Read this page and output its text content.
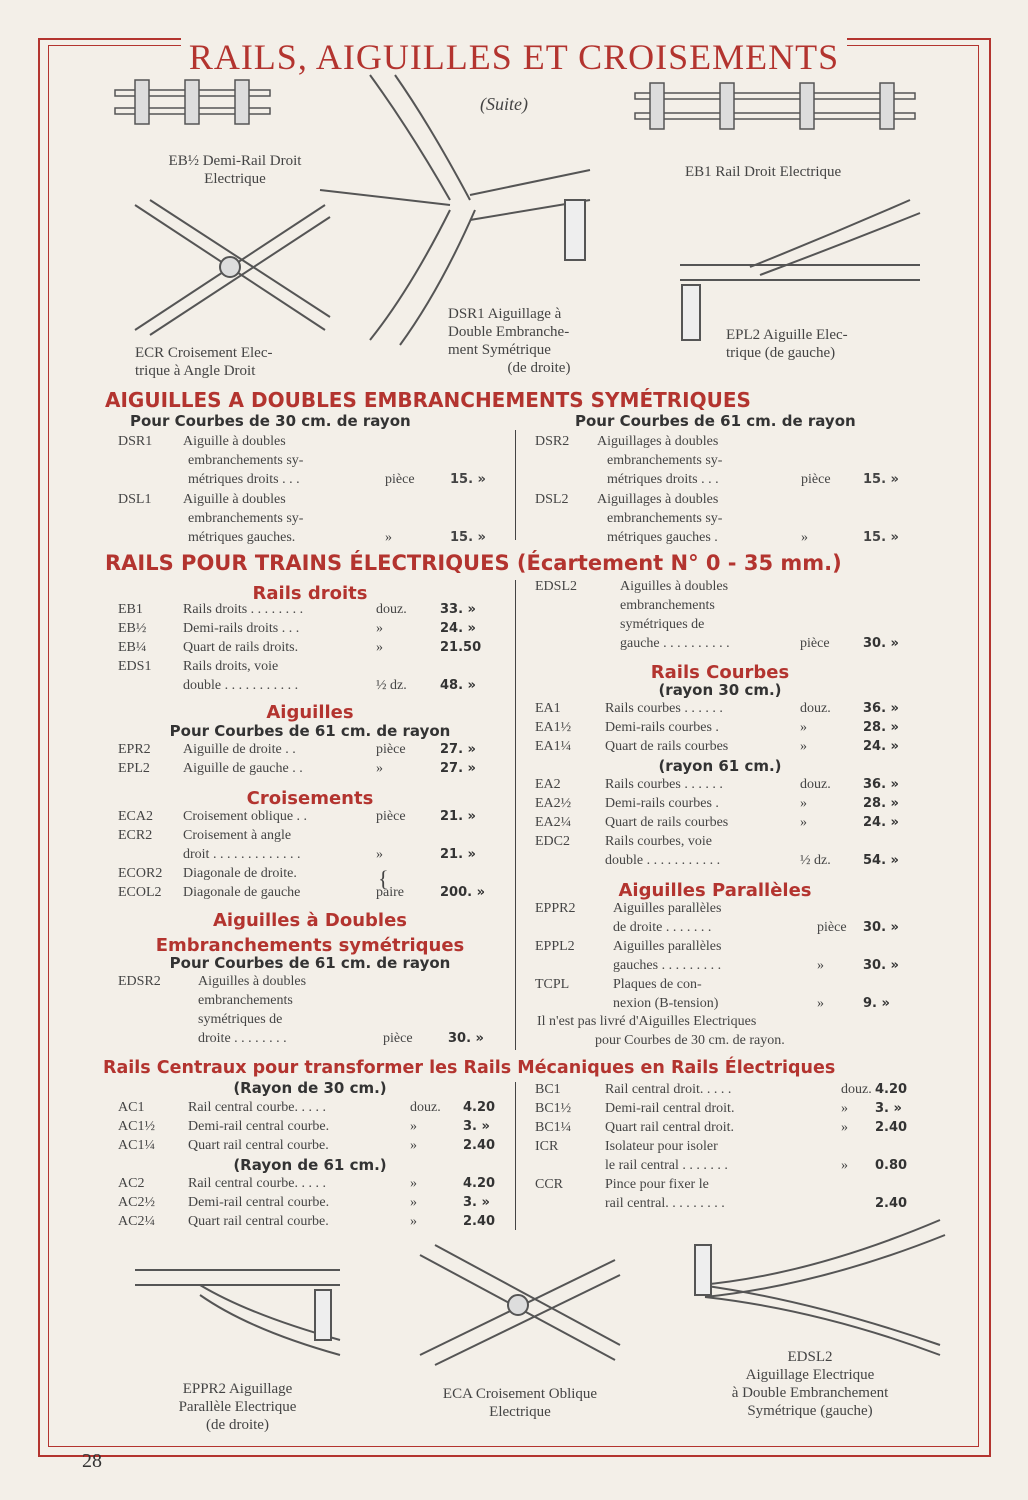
RAILS, AIGUILLES ET CROISEMENTS
(Suite)
EB½ Demi-Rail Droit
Electrique	EB1 Rail Droit Electrique
DSR1 Aiguillage à
Double Embranche-
ment Symétrique
(de droite)
ECR Croisement Elec-
trique à Angle Droit
EPL2 Aiguille Elec-
trique (de gauche)
AIGUILLES A DOUBLES EMBRANCHEMENTS SYMÉTRIQUES
Pour Courbes de 30 cm. de rayon	Pour Courbes de 61 cm. de rayon
DSR1 Aiguille à doubles
embranchements sy-
métriques droits . . .	pièce	15. »
DSL1 Aiguille à doubles
embranchements sy-
métriques gauches.	»	15. »
DSR2 Aiguillages à doubles
embranchements sy-
métriques droits . . .	pièce 15. »
DSL2 Aiguillages à doubles
embranchements sy-
métriques gauches .	»	15. »
RAILS POUR TRAINS ÉLECTRIQUES (Écartement N° 0 - 35 mm.)
Rails droits
EB1	Rails droits . . . . . . . .	douz.	33. »
EB½	Demi-rails droits . . .	»	24. »
EB¼	Quart de rails droits.	»	21.50
EDS1 Rails droits, voie
double . . . . . . . . . . .	½ dz.	48. »
Aiguilles
Pour Courbes de 61 cm. de rayon
EPR2 Aiguille de droite . .	pièce	27. »
EPL2 Aiguille de gauche . .	»	27. »
Croisements
ECA2 Croisement oblique . .	pièce	21. »
ECR2 Croisement à angle
droit . . . . . . . . . . . . .	»	21. »
ECOR2 Diagonale de droite.
ECOL2 Diagonale de gauche	paire	200. »
{
Aiguilles à Doubles
Embranchements symétriques
Pour Courbes de 61 cm. de rayon
EDSR2	Aiguilles à doubles
embranchements
symétriques de
droite . . . . . . . .	pièce	30. »
EDSL2	Aiguilles à doubles
embranchements
symétriques de
gauche . . . . . . . . . .	pièce	30. »
Rails Courbes
(rayon 30 cm.)
EA1	Rails courbes . . . . . .	douz. 36. »
EA1½ Demi-rails courbes .	»	28. »
EA1¼ Quart de rails courbes	»	24. »
(rayon 61 cm.)
EA2	Rails courbes . . . . . .	douz. 36. »
EA2½ Demi-rails courbes .	»	28. »
EA2¼ Quart de rails courbes	»	24. »
EDC2	Rails courbes, voie
double . . . . . . . . . . .	½ dz. 54. »
Aiguilles Parallèles
EPPR2	Aiguilles parallèles
de droite . . . . . . .	pièce 30. »
EPPL2	Aiguilles parallèles
gauches . . . . . . . . .	»	30. »
TCPL	Plaques de con-
nexion (B-tension)	»	9. »
Il n'est pas livré d'Aiguilles Electriques
pour Courbes de 30 cm. de rayon.
Rails Centraux pour transformer les Rails Mécaniques en Rails Électriques
(Rayon de 30 cm.)
AC1	Rail central courbe. . . . .	douz. 4.20
AC1½ Demi-rail central courbe.	»	3. »
AC1¼ Quart rail central courbe.	»	2.40
(Rayon de 61 cm.)
AC2	Rail central courbe. . . . .	»	4.20
AC2½ Demi-rail central courbe.	»	3. »
AC2¼ Quart rail central courbe.	»	2.40
BC1	Rail central droit. . . . .	douz. 4.20
BC1½ Demi-rail central droit.	» 3. »
BC1¼ Quart rail central droit.	» 2.40
ICR	Isolateur pour isoler
le rail central . . . . . . .	» 0.80
CCR	Pince pour fixer le
rail central. . . . . . . . .	2.40
EPPR2 Aiguillage
Parallèle Electrique
(de droite)
ECA Croisement Oblique
Electrique
EDSL2
Aiguillage Electrique
à Double Embranchement
Symétrique (gauche)
28
